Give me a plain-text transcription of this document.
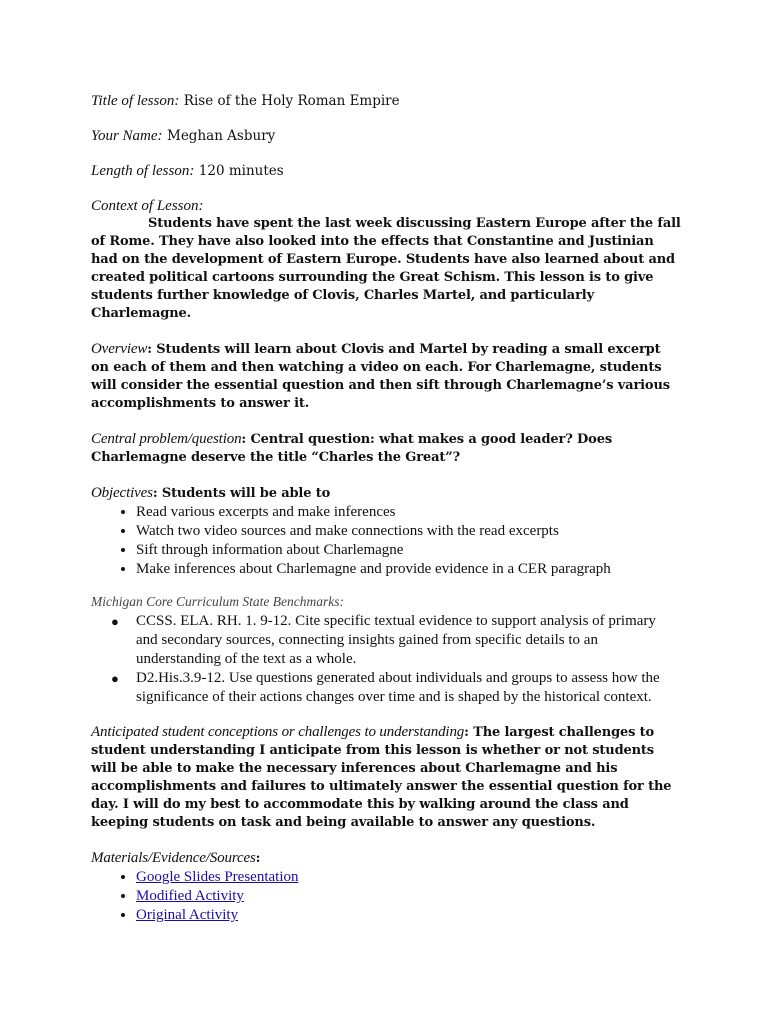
Title of lesson: Rise of the Holy Roman Empire
Your Name: Meghan Asbury
Length of lesson: 120 minutes
Context of Lesson:

Students have spent the last week discussing Eastern Europe after the fall of Rome. They have also looked into the effects that Constantine and Justinian had on the development of Eastern Europe. Students have also learned about and created political cartoons surrounding the Great Schism. This lesson is to give students further knowledge of Clovis, Charles Martel, and particularly Charlemagne.

Overview: Students will learn about Clovis and Martel by reading a small excerpt on each of them and then watching a video on each. For Charlemagne, students will consider the essential question and then sift through Charlemagne’s various accomplishments to answer it.

Central problem/question: Central question: what makes a good leader? Does Charlemagne deserve the title “Charles the Great”?

Objectives: Students will be able to

• Read various excerpts and make inferences
• Watch two video sources and make connections with the read excerpts
• Sift through information about Charlemagne
• Make inferences about Charlemagne and provide evidence in a CER paragraph
Michigan Core Curriculum State Benchmarks:
● CCSS. ELA. RH. 1. 9-12. Cite specific textual evidence to support analysis of primary and secondary sources, connecting insights gained from specific details to an understanding of the text as a whole.
● D2.His.3.9-12. Use questions generated about individuals and groups to assess how the significance of their actions changes over time and is shaped by the historical context.

Anticipated student conceptions or challenges to understanding: The largest challenges to student understanding I anticipate from this lesson is whether or not students will be able to make the necessary inferences about Charlemagne and his accomplishments and failures to ultimately answer the essential question for the day. I will do my best to accommodate this by walking around the class and keeping students on task and being available to answer any questions.

Materials/Evidence/Sources:

• Google Slides Presentation
• Modified Activity
• Original Activity
